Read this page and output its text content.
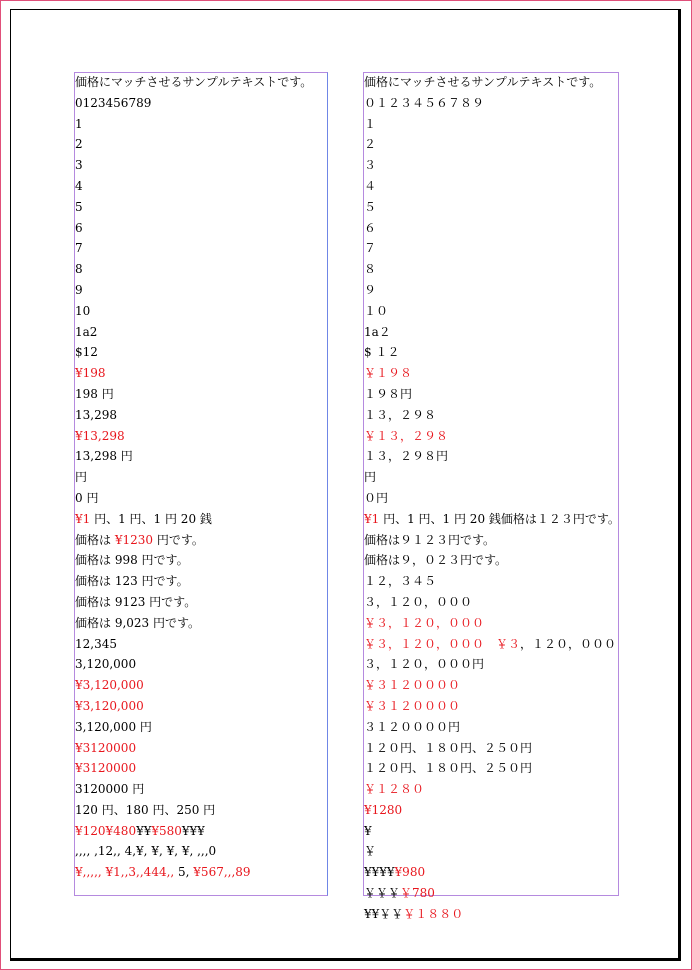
価格にマッチさせるサンプルテキストです。
0123456789
1
2
3
4
5
6
7
8
9
10
1a2
$12
¥198
198 円
13,298
¥13,298
13,298 円
円
0 円
¥1 円、1 円、1 円 20 銭
価格は ¥1230 円です。
価格は 998 円です。
価格は 123 円です。
価格は 9123 円です。
価格は 9,023 円です。
12,345
3,120,000
¥3,120,000
¥3,120,000
3,120,000 円
¥3120000
¥3120000
3120000 円
120 円、180 円、250 円
¥120¥480¥¥¥580¥¥¥
,,,, ,12,, 4,¥, ¥, ¥, ¥, ,,,0
¥,,,,, ¥1,,3,,444,, 5, ¥567,,,89
価格にマッチさせるサンプルテキストです。
０１２３４５６７８９
１
２
３
４
５
６
７
８
９
１０
1a２
$ １２
￥１９８
１９８円
１３，２９８
￥１３，２９８
１３，２９８円
円
０円
¥1 円、1 円、1 円 20 銭価格は１２３円です。
価格は９１２３円です。
価格は９，０２３円です。
１２，３４５
３，１２０，０００
￥３，１２０，０００
￥３，１２０，０００　￥３，１２０，０００
３，１２０，０００円
￥３１２００００
￥３１２００００
３１２００００円
１２０円、１８０円、２５０円
１２０円、１８０円、２５０円
￥１２８０
¥1280
¥
￥
¥¥¥¥¥980
￥￥￥￥780
¥¥￥￥￥１８８０
